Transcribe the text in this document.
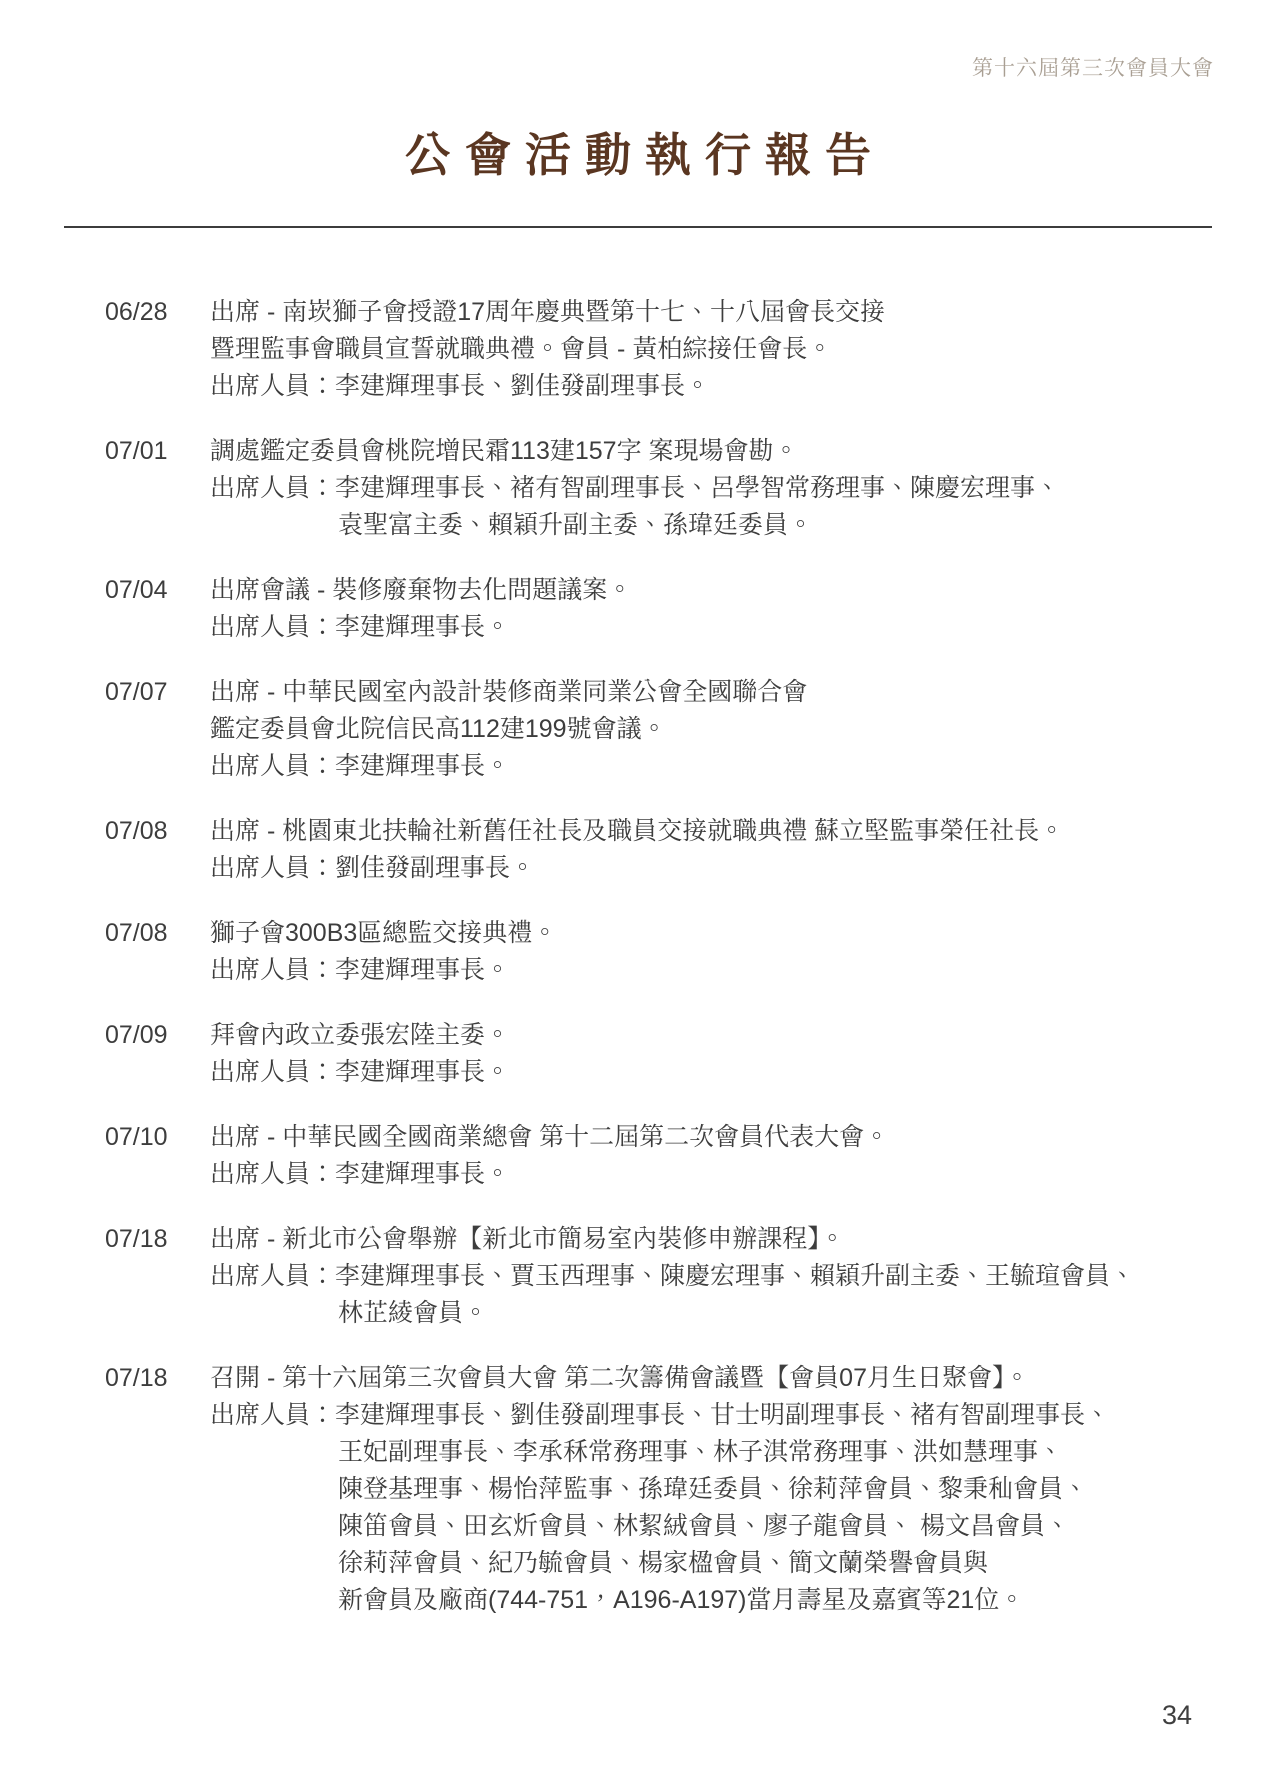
第十六屆第三次會員大會
公會活動執行報告
06/28	出席 - 南崁獅子會授證17周年慶典暨第十七、十八屆會長交接
暨理監事會職員宣誓就職典禮。會員 - 黃柏綜接任會長。
出席人員：李建輝理事長、劉佳發副理事長。
07/01	調處鑑定委員會桃院增民霜113建157字 案現場會勘。
出席人員：李建輝理事長、褚有智副理事長、呂學智常務理事、陳慶宏理事、
袁聖富主委、賴穎升副主委、孫瑋廷委員。
07/04	出席會議 - 裝修廢棄物去化問題議案。
出席人員：李建輝理事長。
07/07	出席 - 中華民國室內設計裝修商業同業公會全國聯合會
鑑定委員會北院信民高112建199號會議。
出席人員：李建輝理事長。
07/08	出席 - 桃園東北扶輪社新舊任社長及職員交接就職典禮 蘇立堅監事榮任社長。
出席人員：劉佳發副理事長。
07/08	獅子會300B3區總監交接典禮。
出席人員：李建輝理事長。
07/09	拜會內政立委張宏陸主委。
出席人員：李建輝理事長。
07/10	出席 - 中華民國全國商業總會 第十二屆第二次會員代表大會。
出席人員：李建輝理事長。
07/18	出席 - 新北市公會舉辦【新北市簡易室內裝修申辦課程】。
出席人員：李建輝理事長、賈玉西理事、陳慶宏理事、賴穎升副主委、王毓瑄會員、
林芷綾會員。
07/18	召開 - 第十六屆第三次會員大會 第二次籌備會議暨【會員07月生日聚會】。
出席人員：李建輝理事長、劉佳發副理事長、甘士明副理事長、褚有智副理事長、
王妃副理事長、李承秝常務理事、林子淇常務理事、洪如慧理事、
陳登基理事、楊怡萍監事、孫瑋廷委員、徐莉萍會員、黎秉秈會員、
陳笛會員、田玄炘會員、林絜絨會員、廖子龍會員、 楊文昌會員、
徐莉萍會員、紀乃毓會員、楊家楹會員、簡文蘭榮譽會員與
新會員及廠商(744-751，A196-A197)當月壽星及嘉賓等21位。
34
